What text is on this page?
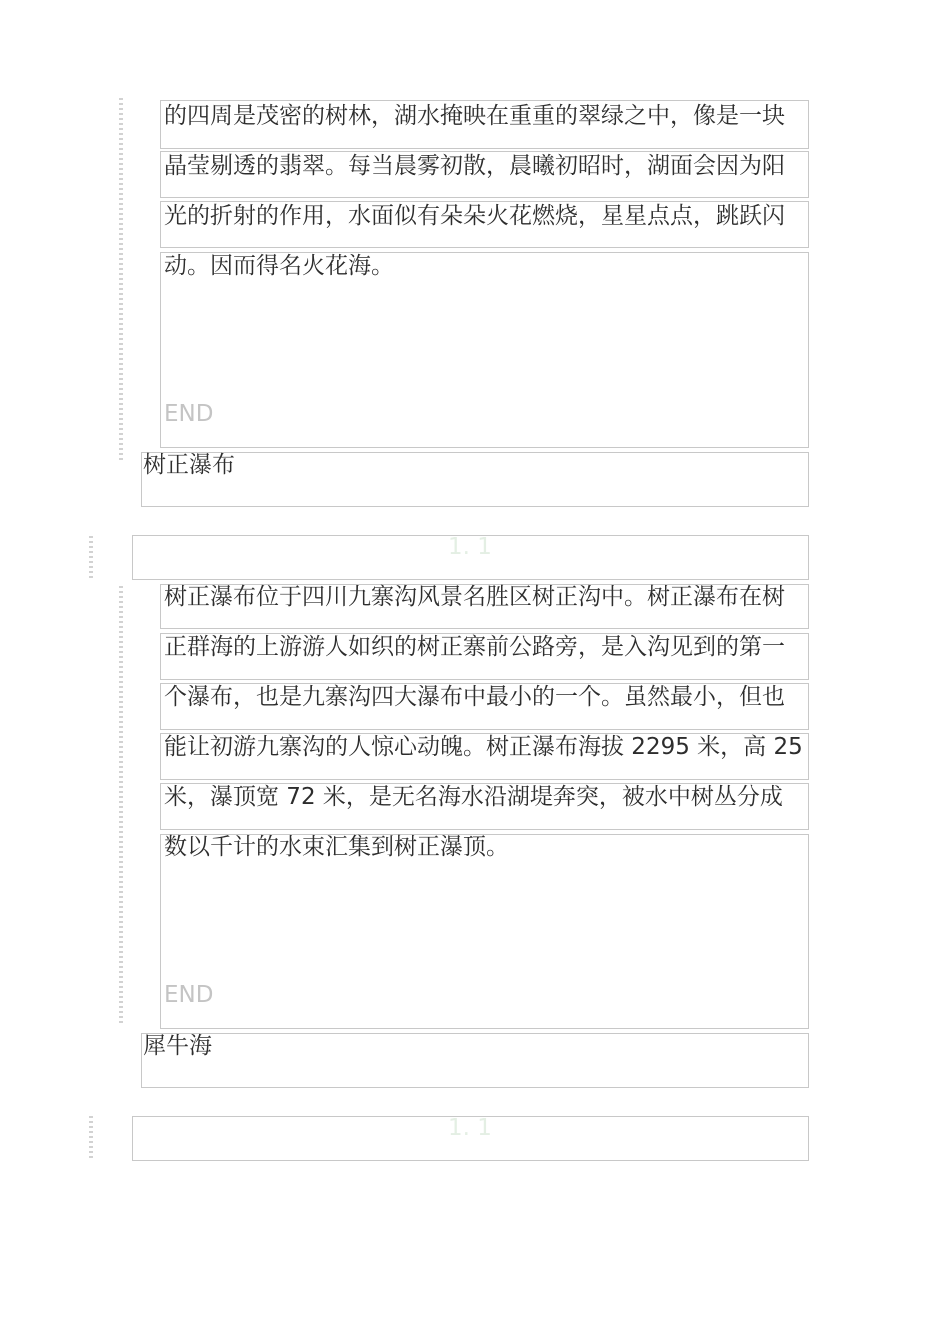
的四周是茂密的树林，湖水掩映在重重的翠绿之中，像是一块
晶莹剔透的翡翠。每当晨雾初散，晨曦初昭时，湖面会因为阳
光的折射的作用，水面似有朵朵火花燃烧，星星点点，跳跃闪
动。因而得名火花海。
END
树正瀑布
1. 1
树正瀑布位于四川九寨沟风景名胜区树正沟中。树正瀑布在树
正群海的上游游人如织的树正寨前公路旁，是入沟见到的第一
个瀑布，也是九寨沟四大瀑布中最小的一个。虽然最小，但也
能让初游九寨沟的人惊心动魄。树正瀑布海拔 2295 米，高 25
米，瀑顶宽 72 米，是无名海水沿湖堤奔突，被水中树丛分成
数以千计的水束汇集到树正瀑顶。
END
犀牛海
1. 1
